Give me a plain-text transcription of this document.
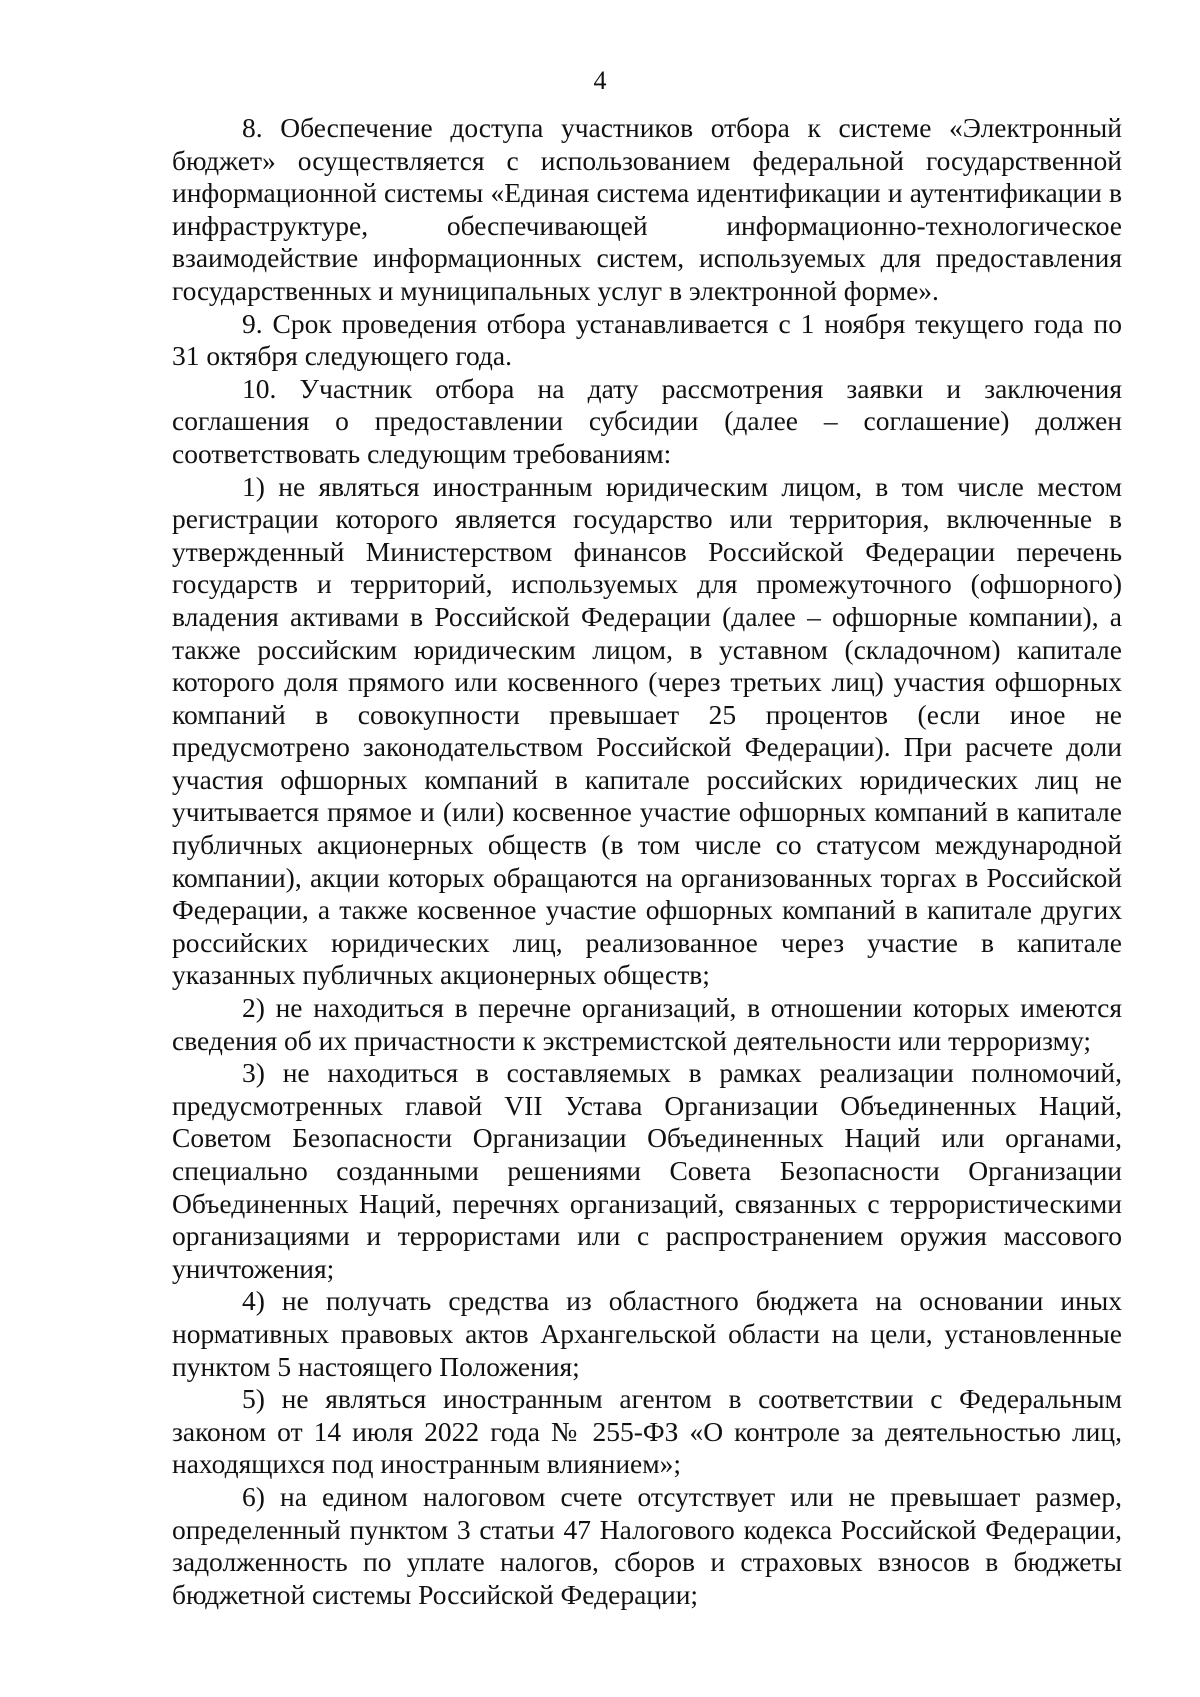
4

8. Обеспечение доступа участников отбора к системе «Электронный бюджет» осуществляется с использованием федеральной государственной информационной системы «Единая система идентификации и аутентификации в инфраструктуре, обеспечивающей информационно-технологическое взаимодействие информационных систем, используемых для предоставления государственных и муниципальных услуг в электронной форме».

9. Срок проведения отбора устанавливается с 1 ноября текущего года по 31 октября следующего года.

10. Участник отбора на дату рассмотрения заявки и заключения соглашения о предоставлении субсидии (далее – соглашение) должен соответствовать следующим требованиям:

1) не являться иностранным юридическим лицом, в том числе местом регистрации которого является государство или территория, включенные в утвержденный Министерством финансов Российской Федерации перечень государств и территорий, используемых для промежуточного (офшорного) владения активами в Российской Федерации (далее – офшорные компании), а также российским юридическим лицом, в уставном (складочном) капитале которого доля прямого или косвенного (через третьих лиц) участия офшорных компаний в совокупности превышает 25 процентов (если иное не предусмотрено законодательством Российской Федерации). При расчете доли участия офшорных компаний в капитале российских юридических лиц не учитывается прямое и (или) косвенное участие офшорных компаний в капитале публичных акционерных обществ (в том числе со статусом международной компании), акции которых обращаются на организованных торгах в Российской Федерации, а также косвенное участие офшорных компаний в капитале других российских юридических лиц, реализованное через участие в капитале указанных публичных акционерных обществ;

2) не находиться в перечне организаций, в отношении которых имеются сведения об их причастности к экстремистской деятельности или терроризму;

3) не находиться в составляемых в рамках реализации полномочий, предусмотренных главой VII Устава Организации Объединенных Наций, Советом Безопасности Организации Объединенных Наций или органами, специально созданными решениями Совета Безопасности Организации Объединенных Наций, перечнях организаций, связанных с террористическими организациями и террористами или с распространением оружия массового уничтожения;

4) не получать средства из областного бюджета на основании иных нормативных правовых актов Архангельской области на цели, установленные пунктом 5 настоящего Положения;

5) не являться иностранным агентом в соответствии с Федеральным законом от 14 июля 2022 года № 255-ФЗ «О контроле за деятельностью лиц, находящихся под иностранным влиянием»;

6) на едином налоговом счете отсутствует или не превышает размер, определенный пунктом 3 статьи 47 Налогового кодекса Российской Федерации, задолженность по уплате налогов, сборов и страховых взносов в бюджеты бюджетной системы Российской Федерации;
